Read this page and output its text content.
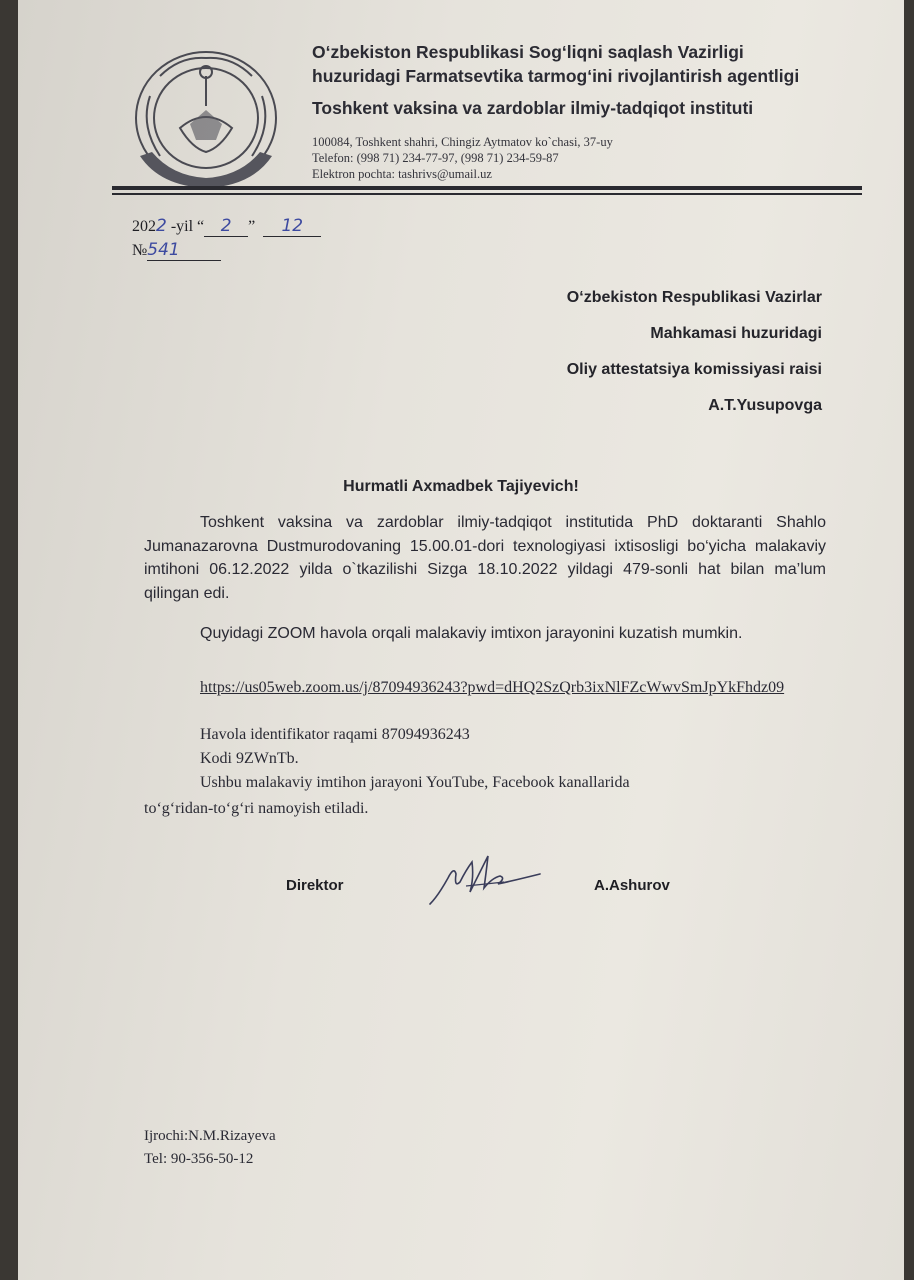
O‘zbekiston Respublikasi Sog‘liqni saqlash Vazirligi
huzuridagi Farmatsevtika tarmog‘ini rivojlantirish agentligi
Toshkent vaksina va zardoblar ilmiy-tadqiqot instituti
100084, Toshkent shahri, Chingiz Aytmatov ko`chasi, 37-uy
Telefon: (998 71) 234-77-97, (998 71) 234-59-87
Elektron pochta: tashrivs@umail.uz
2022 -yil “ 2 ” 12
№541
O‘zbekiston Respublikasi Vazirlar
Mahkamasi huzuridagi
Oliy attestatsiya komissiyasi raisi
A.T.Yusupovga
Hurmatli Axmadbek Tajiyevich!
Toshkent vaksina va zardoblar ilmiy-tadqiqot institutida PhD doktaranti Shahlo Jumanazarovna Dustmurodovaning 15.00.01-dori texnologiyasi ixtisosligi bo‘yicha malakaviy imtihoni 06.12.2022 yilda o`tkazilishi Sizga 18.10.2022 yildagi 479-sonli hat bilan ma’lum qilingan edi.
Quyidagi ZOOM havola orqali malakaviy imtixon jarayonini kuzatish mumkin.
https://us05web.zoom.us/j/87094936243?pwd=dHQ2SzQrb3ixNlFZcWwvSmJpYkFhdz09
Havola identifikator raqami 87094936243
Kodi 9ZWnTb.
Ushbu malakaviy imtihon jarayoni YouTube, Facebook kanallarida
to‘g‘ridan-to‘g‘ri namoyish etiladi.
Direktor	A.Ashurov
Ijrochi:N.M.Rizayeva
Tel: 90-356-50-12
